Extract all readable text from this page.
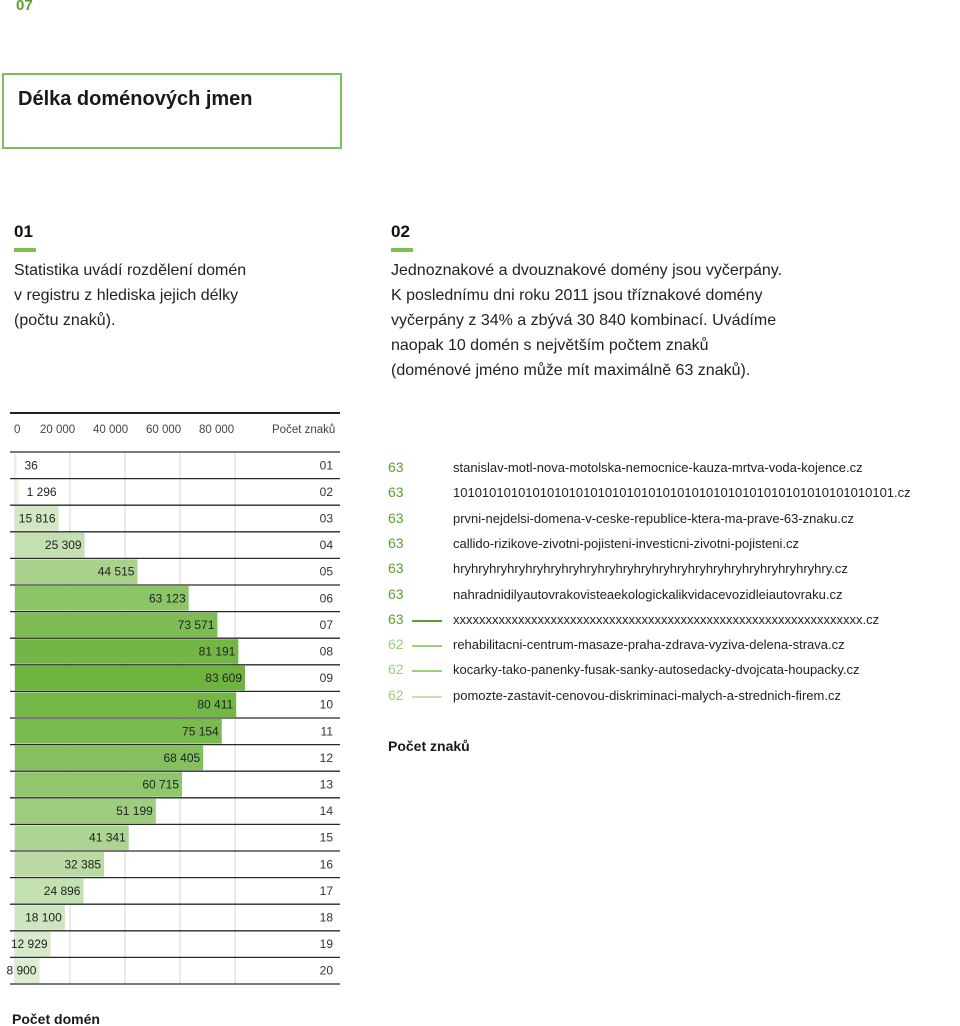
07
Délka doménových jmen
01
Statistika uvádí rozdělení domén
v registru z hlediska jejich délky
(počtu znaků).
02
Jednoznakové a dvouznakové domény jsou vyčerpány.
K poslednímu dni roku 2011 jsou tříznakové domény
vyčerpány z 34% a zbývá 30 840 kombinací. Uvádíme
naopak 10 domén s největším počtem znaků
(doménové jméno může mít maximálně 63 znaků).
0 20 000 40 000 60 000 80 000	Počet znaků
36	01
1 296	02
15 816	03
25 309	04
44 515	05
63 123	06
73 571	07
81 191	08
83 609	09
80 411	10
75 154	11
68 405	12
60 715	13
51 199	14
41 341	15
32 385	16
24 896	17
18 100	18
12 929	19
8 900	20
Počet domén
63	stanislav-motl-nova-motolska-nemocnice-kauza-mrtva-voda-kojence.cz
63	1010101010101010101010101010101010101010101010101010101010101.cz
63	prvni-nejdelsi-domena-v-ceske-republice-ktera-ma-prave-63-znaku.cz
63	callido-rizikove-zivotni-pojisteni-investicni-zivotni-pojisteni.cz
63	hryhryhryhryhryhryhryhryhryhryhryhryhryhryhryhryhryhryhryhryhry.cz
63	nahradnidilyautovrakovisteaekologickalikvidacevozidleiautovraku.cz
63	xxxxxxxxxxxxxxxxxxxxxxxxxxxxxxxxxxxxxxxxxxxxxxxxxxxxxxxxxxxxxxx.cz
62	rehabilitacni-centrum-masaze-praha-zdrava-vyziva-delena-strava.cz
62	kocarky-tako-panenky-fusak-sanky-autosedacky-dvojcata-houpacky.cz
62	pomozte-zastavit-cenovou-diskriminaci-malych-a-strednich-firem.cz
Počet znaků
